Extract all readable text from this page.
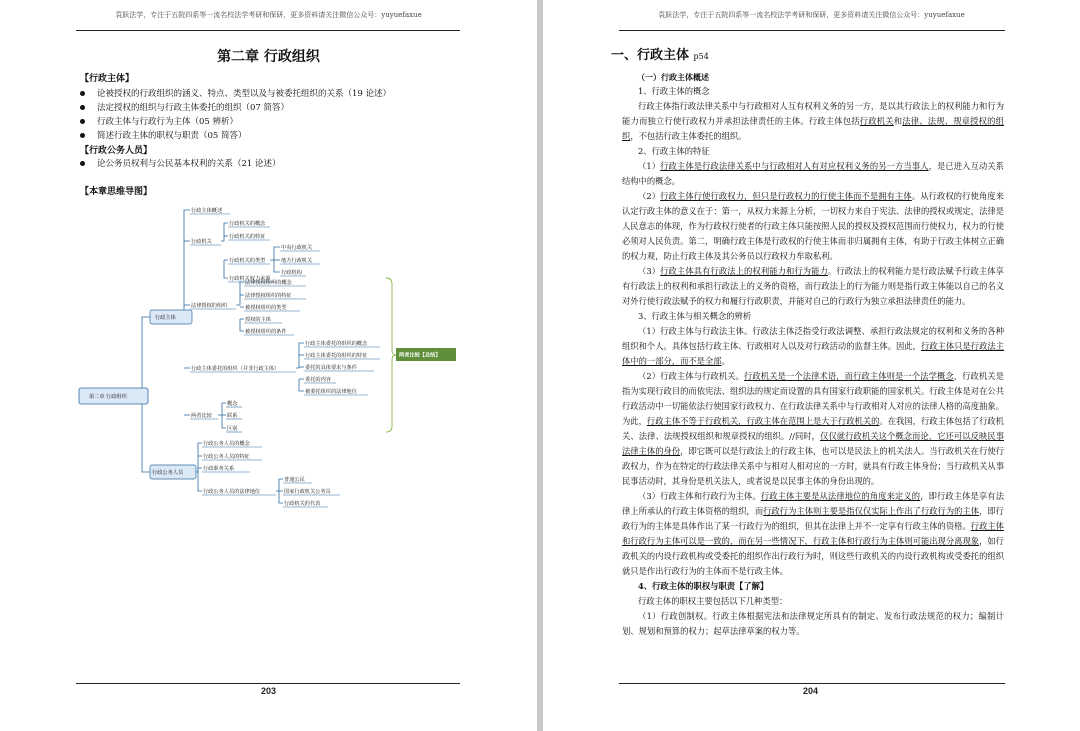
袁跃法学，专注于五院四系等一流名校法学考研和保研，更多资料请关注微信公众号：yuyuefaxue
第二章 行政组织
【行政主体】
论被授权的行政组织的涵义、特点、类型以及与被委托组织的关系（19 论述）
法定授权的组织与行政主体委托的组织（07 简答）
行政主体与行政行为主体（05 辨析）
简述行政主体的职权与职责（05 简答）
【行政公务人员】
论公务员权利与公民基本权利的关系（21 论述）
【本章思维导图】
第二章 行政组织
行政主体
行政公务人员
行政主体概述
行政机关
法律授权的组织
行政主体委托的组织（并非行政主体）
两者比较
行政机关的概念
行政机关的特征
行政机关的类型
行政机关权力来源
中央行政机关
地方行政机关
行政机构
法律授权组织的概念
法律授权组织的特征
被授权组织的类型
授权的主体
被授权组织的条件
行政主体委托的组织的概念
行政主体委托的组织的特征
委托的具体要求与条件
委托的内容
被委托组织的法律地位
概念
联系
区别
行政公务人员的概念
行政公务人员的特征
行政职务关系
行政公务人员的法律地位
普通公民
国家行政机关公务员
行政机关的代表
两者比较【总结】
203
袁跃法学，专注于五院四系等一流名校法学考研和保研，更多资料请关注微信公众号：yuyuefaxue
一、行政主体 p54
（一）行政主体概述

1、行政主体的概念

行政主体指行政法律关系中与行政相对人互有权利义务的另一方，是以其行政法上的权利能力和行为能力而独立行使行政权力并承担法律责任的主体。行政主体包括行政机关和法律、法规、规章授权的组织，不包括行政主体委托的组织。

2、行政主体的特征

（1）行政主体是行政法律关系中与行政相对人有对应权利义务的另一方当事人，是已进入互动关系结构中的概念。

（2）行政主体行使行政权力，但只是行政权力的行使主体而不是拥有主体。从行政权的行使角度来认定行政主体的意义在于：第一，从权力来源上分析，一切权力来自于宪法、法律的授权或规定，法律是人民意志的体现，作为行政权行使者的行政主体只能按照人民的授权及授权范围而行使权力，权力的行使必须对人民负责。第二，明确行政主体是行政权的行使主体而非归属拥有主体，有助于行政主体树立正确的权力观，防止行政主体及其公务员以行政权力牟取私利。

（3）行政主体具有行政法上的权利能力和行为能力。行政法上的权利能力是行政法赋予行政主体享有行政法上的权利和承担行政法上的义务的资格，而行政法上的行为能力则是指行政主体能以自己的名义对外行使行政法赋予的权力和履行行政职责，并能对自己的行政行为独立承担法律责任的能力。

3、行政主体与相关概念的辨析

（1）行政主体与行政法主体。行政法主体泛指受行政法调整、承担行政法规定的权利和义务的各种组织和个人。具体包括行政主体、行政相对人以及对行政活动的监督主体。因此，行政主体只是行政法主体中的一部分，而不是全部。

（2）行政主体与行政机关。行政机关是一个法律术语，而行政主体则是一个法学概念，行政机关是指为实现行政目的而依宪法、组织法的规定而设置的具有国家行政职能的国家机关。行政主体是对在公共行政活动中一切能依法行使国家行政权力、在行政法律关系中与行政相对人对应的法律人格的高度抽象。为此，行政主体不等于行政机关，行政主体在范围上是大于行政机关的。在我国，行政主体包括了行政机关、法律、法规授权组织和规章授权的组织。//同时，仅仅就行政机关这个概念而论，它还可以反映民事法律主体的身份，即它既可以是行政法上的行政主体，也可以是民法上的机关法人。当行政机关在行使行政权力，作为在特定的行政法律关系中与相对人相对应的一方时，就具有行政主体身份；当行政机关从事民事活动时，其身份是机关法人，或者说是以民事主体的身份出现的。

（3）行政主体和行政行为主体。行政主体主要是从法律地位的角度来定义的，即行政主体是享有法律上所承认的行政主体资格的组织，而行政行为主体则主要是指仅仅实际上作出了行政行为的主体，即行政行为的主体是具体作出了某一行政行为的组织，但其在法律上并不一定享有行政主体的资格。行政主体和行政行为主体可以是一致的，而在另一些情况下，行政主体和行政行为主体则可能出现分离现象，如行政机关的内设行政机构或受委托的组织作出行政行为时，则这些行政机关的内设行政机构或受委托的组织就只是作出行政行为的主体而不是行政主体。

4、行政主体的职权与职责【了解】

行政主体的职权主要包括以下几种类型：

（1）行政创制权。行政主体根据宪法和法律规定所具有的制定、发布行政法规范的权力；编制计划、规划和预算的权力；起草法律草案的权力等。

204
